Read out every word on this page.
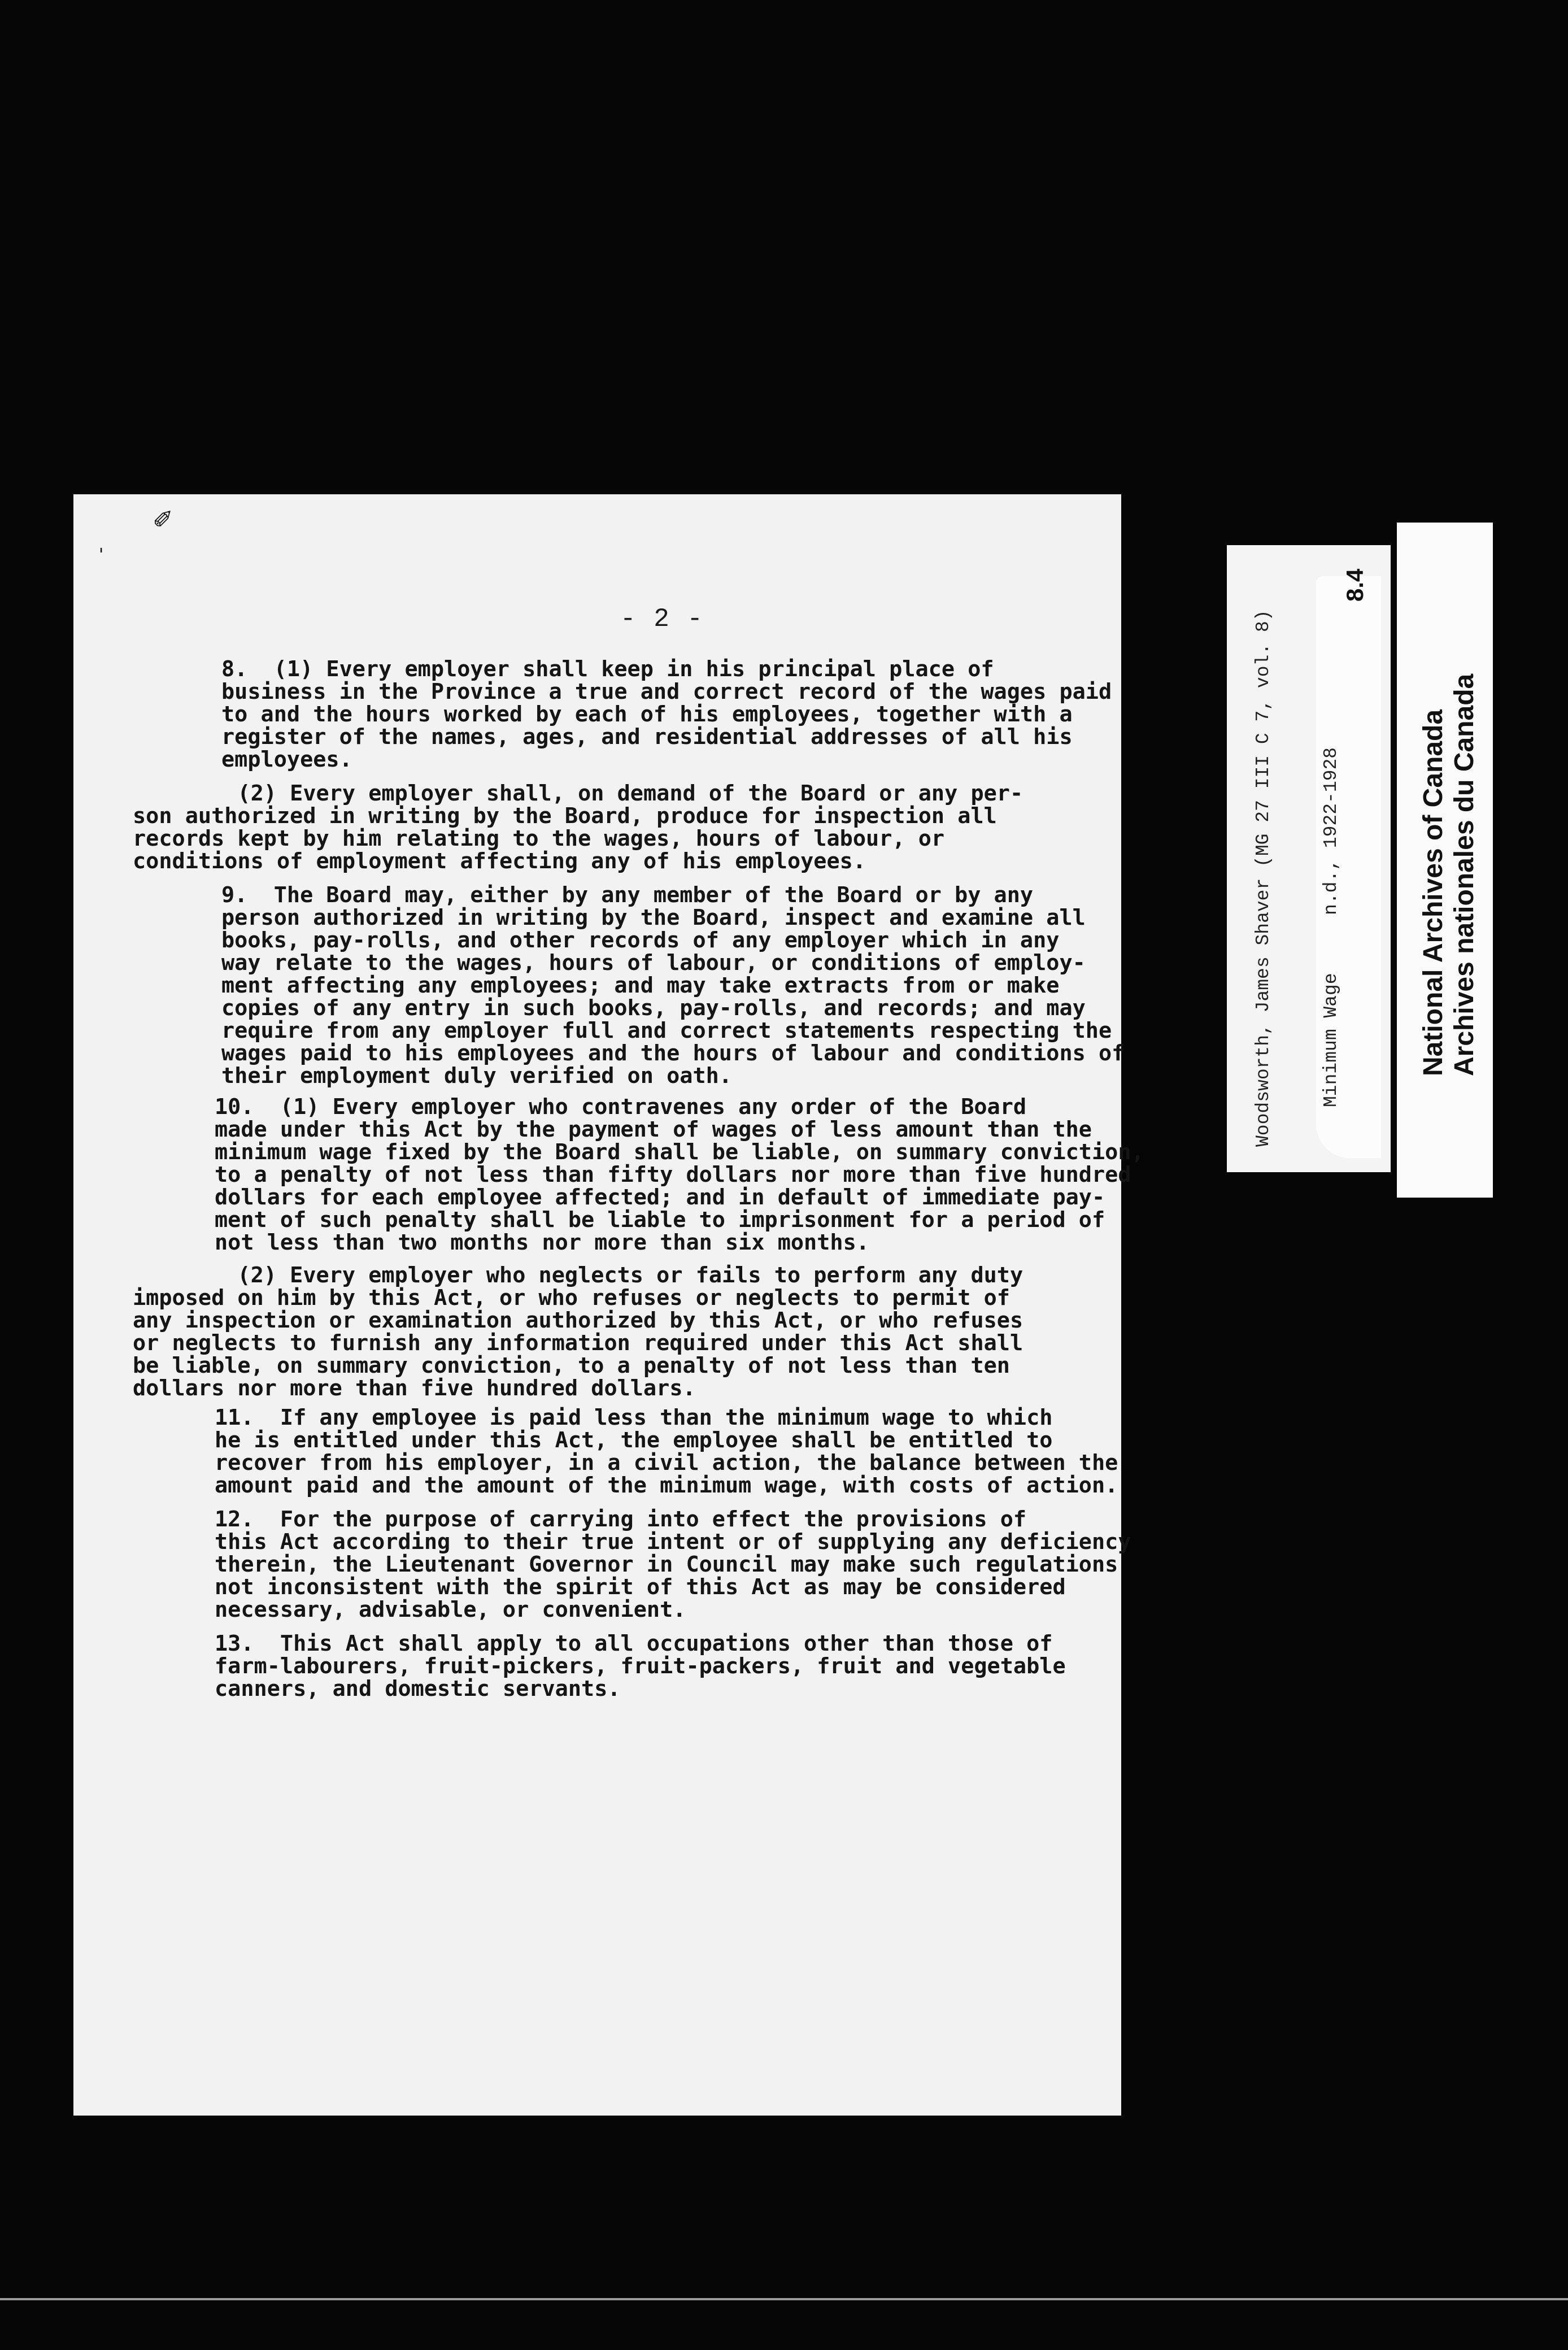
✐
'
- 2 -
8.  (1) Every employer shall keep in his principal place of
business in the Province a true and correct record of the wages paid
to and the hours worked by each of his employees, together with a
register of the names, ages, and residential addresses of all his
employees.
(2) Every employer shall, on demand of the Board or any per-
son authorized in writing by the Board, produce for inspection all
records kept by him relating to the wages, hours of labour, or
conditions of employment affecting any of his employees.
9.  The Board may, either by any member of the Board or by any
person authorized in writing by the Board, inspect and examine all
books, pay-rolls, and other records of any employer which in any
way relate to the wages, hours of labour, or conditions of employ-
ment affecting any employees; and may take extracts from or make
copies of any entry in such books, pay-rolls, and records; and may
require from any employer full and correct statements respecting the
wages paid to his employees and the hours of labour and conditions of
their employment duly verified on oath.
10.  (1) Every employer who contravenes any order of the Board
made under this Act by the payment of wages of less amount than the
minimum wage fixed by the Board shall be liable, on summary conviction,
to a penalty of not less than fifty dollars nor more than five hundred
dollars for each employee affected; and in default of immediate pay-
ment of such penalty shall be liable to imprisonment for a period of
not less than two months nor more than six months.
(2) Every employer who neglects or fails to perform any duty
imposed on him by this Act, or who refuses or neglects to permit of
any inspection or examination authorized by this Act, or who refuses
or neglects to furnish any information required under this Act shall
be liable, on summary conviction, to a penalty of not less than ten
dollars nor more than five hundred dollars.
11.  If any employee is paid less than the minimum wage to which
he is entitled under this Act, the employee shall be entitled to
recover from his employer, in a civil action, the balance between the
amount paid and the amount of the minimum wage, with costs of action.
12.  For the purpose of carrying into effect the provisions of
this Act according to their true intent or of supplying any deficiency
therein, the Lieutenant Governor in Council may make such regulations
not inconsistent with the spirit of this Act as may be considered
necessary, advisable, or convenient.
13.  This Act shall apply to all occupations other than those of
farm-labourers, fruit-pickers, fruit-packers, fruit and vegetable
canners, and domestic servants.
8.4
Woodsworth, James Shaver (MG 27 III C 7, vol. 8)	Minimum Wage
n.d., 1922-1928	National Archives of Canada Archives nationales du Canada
